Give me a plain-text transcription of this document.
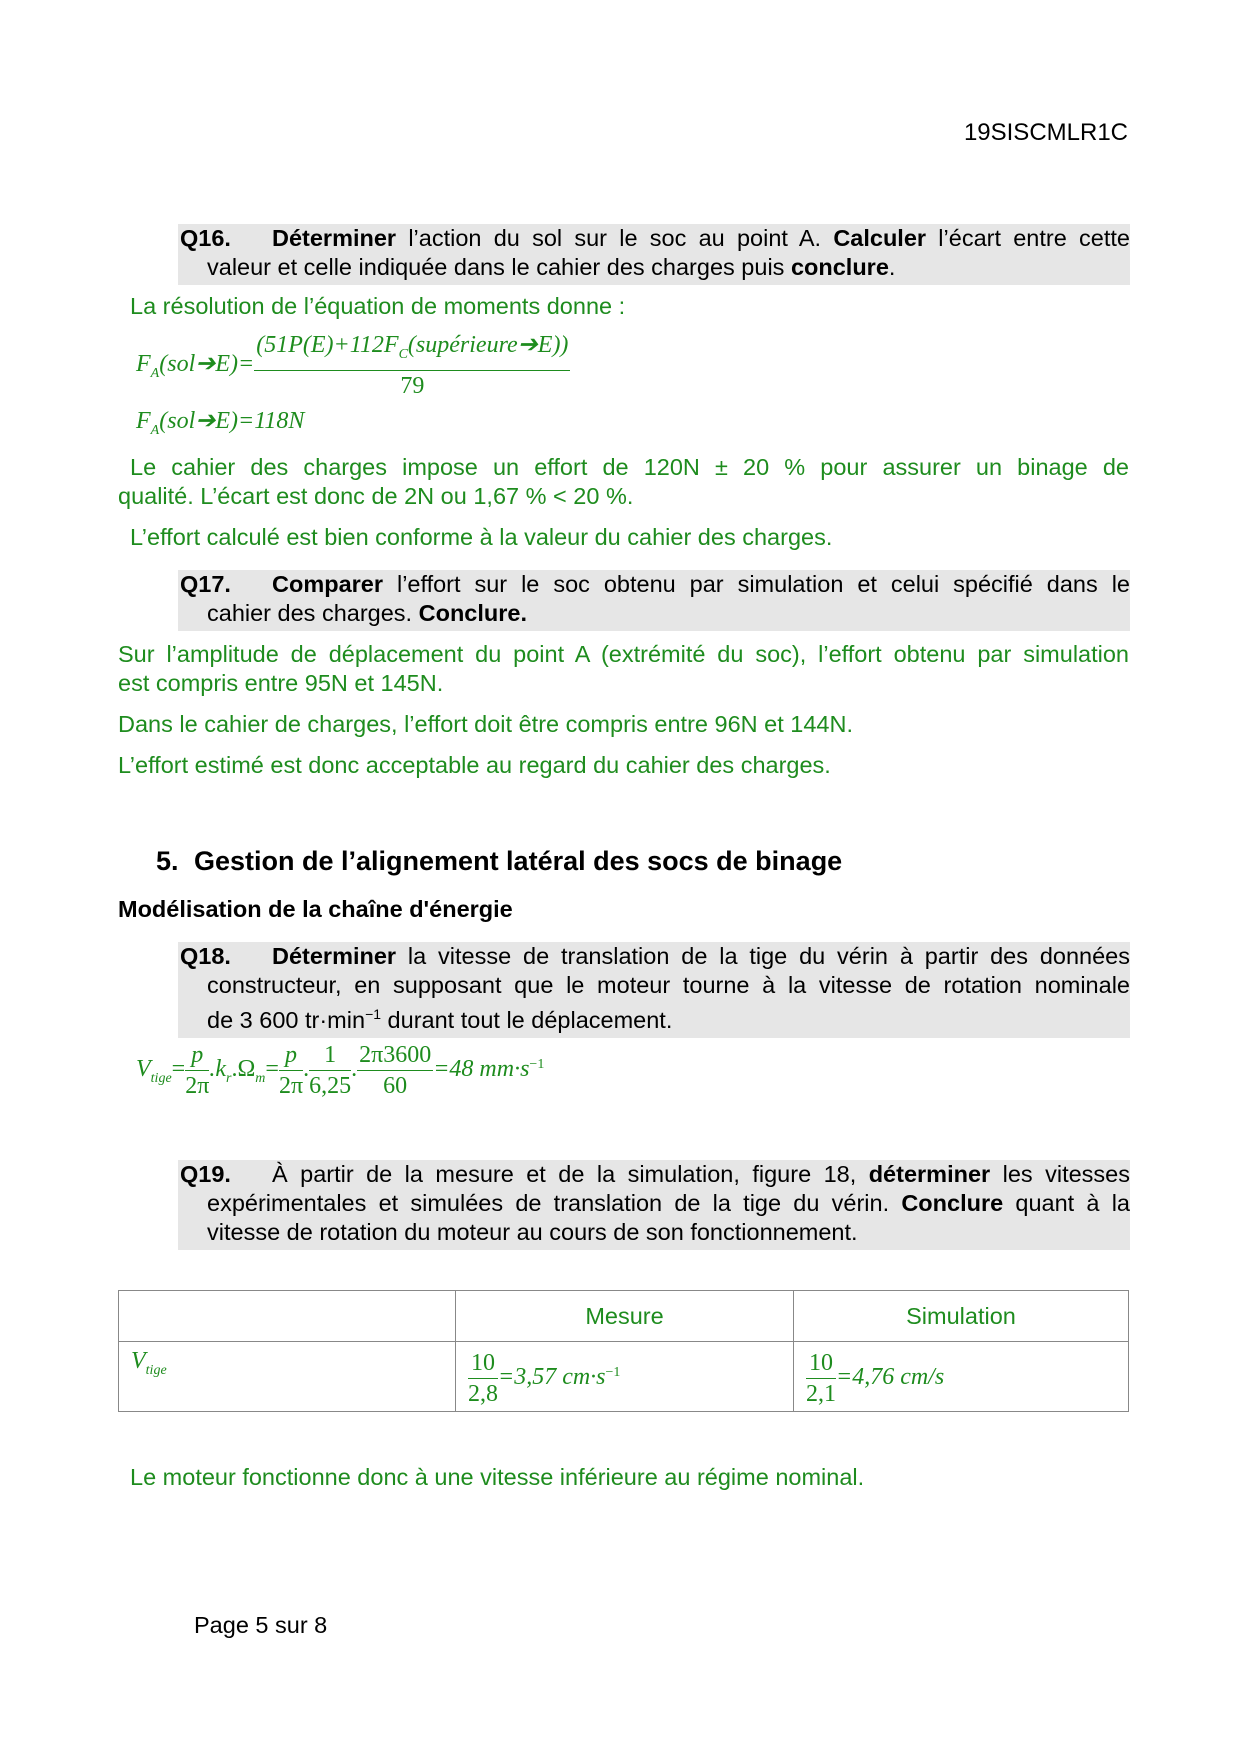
19SISCMLR1C
Q16.	Déterminer l’action du sol sur le soc au point A. Calculer l’écart entre cette
valeur et celle indiquée dans le cahier des charges puis conclure.
La résolution de l’équation de moments donne :
$F_A(sol➔E)= \frac{(51P(E)+112F_C(supérieure➔E))}{79}$
$F_A(sol➔E)=118N$
Le cahier des charges impose un effort de 120N ± 20 % pour assurer un binage de
qualité. L’écart est donc de 2N ou 1,67 % < 20 %.
L’effort calculé est bien conforme à la valeur du cahier des charges.
Q17.	Comparer l’effort sur le soc obtenu par simulation et celui spécifié dans le
cahier des charges. Conclure.
Sur l’amplitude de déplacement du point A (extrémité du soc), l’effort obtenu par simulation
est compris entre 95N et 145N.
Dans le cahier de charges, l’effort doit être compris entre 96N et 144N.
L’effort estimé est donc acceptable au regard du cahier des charges.
5. Gestion de l’alignement latéral des socs de binage
Modélisation de la chaîne d'énergie
Q18.	Déterminer la vitesse de translation de la tige du vérin à partir des données
constructeur, en supposant que le moteur tourne à la vitesse de rotation nominale
de 3 600 $tr\cdot\min^{-1}$ durant tout le déplacement.
$V_{tige}= \frac{p}{2\pi} .k_r.\Omega_m= \frac{p}{2\pi}$ . $\frac{1}{6,25}$ . $\frac{2\pi 3600}{60} =48$ $mm\cdot s^{-1}$
Q19.	À partir de la mesure et de la simulation, figure 18, déterminer les vitesses
expérimentales et simulées de translation de la tige du vérin. Conclure quant à la
vitesse de rotation du moteur au cours de son fonctionnement.
	Mesure	Simulation

$V_{tige}$	$\frac{10}{2,8} =3,57$ $cm\cdot s^{-1}$	$\frac{10}{2,1} =4,76$ cm/s
Le moteur fonctionne donc à une vitesse inférieure au régime nominal.
Page 5 sur 8
